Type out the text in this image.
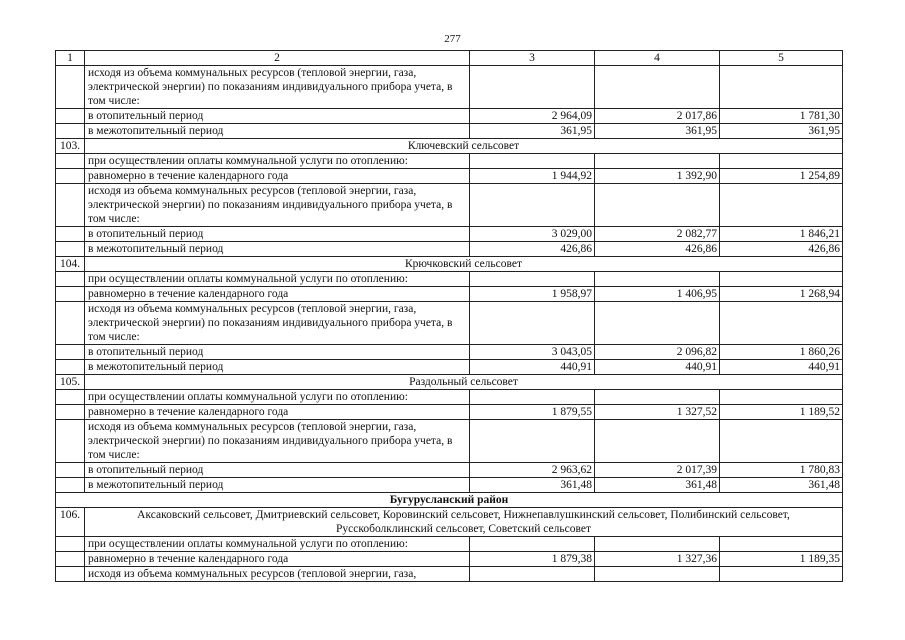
277
1	2	3	4	5
	исходя из объема коммунальных ресурсов (тепловой энергии, газа, электрической энергии) по показаниям индивидуального прибора учета, в том числе:			
	в отопительный период	2 964,09	2 017,86	1 781,30
	в межотопительный период	361,95	361,95	361,95
103.	Ключевский сельсовет			
	при осуществлении оплаты коммунальной услуги по отоплению:			
	равномерно в течение календарного года	1 944,92	1 392,90	1 254,89
	исходя из объема коммунальных ресурсов (тепловой энергии, газа, электрической энергии) по показаниям индивидуального прибора учета, в том числе:			
	в отопительный период	3 029,00	2 082,77	1 846,21
	в межотопительный период	426,86	426,86	426,86
104.	Крючковский сельсовет			
	при осуществлении оплаты коммунальной услуги по отоплению:			
	равномерно в течение календарного года	1 958,97	1 406,95	1 268,94
	исходя из объема коммунальных ресурсов (тепловой энергии, газа, электрической энергии) по показаниям индивидуального прибора учета, в том числе:			
	в отопительный период	3 043,05	2 096,82	1 860,26
	в межотопительный период	440,91	440,91	440,91
105.	Раздольный сельсовет			
	при осуществлении оплаты коммунальной услуги по отоплению:			
	равномерно в течение календарного года	1 879,55	1 327,52	1 189,52
	исходя из объема коммунальных ресурсов (тепловой энергии, газа, электрической энергии) по показаниям индивидуального прибора учета, в том числе:			
	в отопительный период	2 963,62	2 017,39	1 780,83
	в межотопительный период	361,48	361,48	361,48
Бугурусланский район				
106.	Аксаковский сельсовет, Дмитриевский сельсовет, Коровинский сельсовет, Нижнепавлушкинский сельсовет, Полибинский сельсовет, Русскоболклинский сельсовет, Советский сельсовет			
	при осуществлении оплаты коммунальной услуги по отоплению:			
	равномерно в течение календарного года	1 879,38	1 327,36	1 189,35
	исходя из объема коммунальных ресурсов (тепловой энергии, газа,			
